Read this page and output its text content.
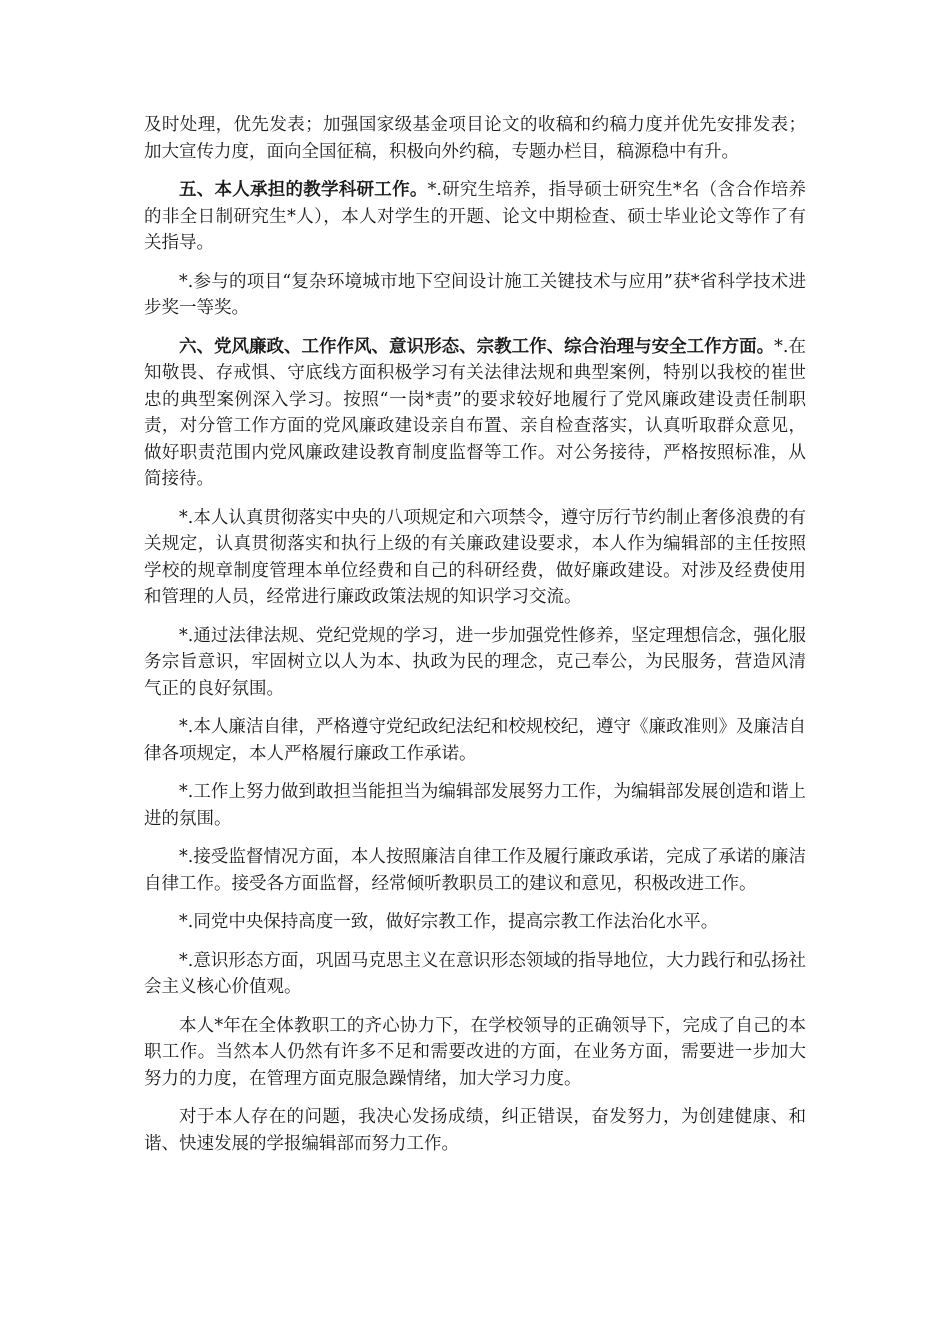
及时处理，优先发表；加强国家级基金项目论文的收稿和约稿力度并优先安排发表；加大宣传力度，面向全国征稿，积极向外约稿，专题办栏目，稿源稳中有升。

五、本人承担的教学科研工作。*.研究生培养，指导硕士研究生*名（含合作培养的非全日制研究生*人），本人对学生的开题、论文中期检查、硕士毕业论文等作了有关指导。

*.参与的项目“复杂环境城市地下空间设计施工关键技术与应用”获*省科学技术进步奖一等奖。

六、党风廉政、工作作风、意识形态、宗教工作、综合治理与安全工作方面。*.在知敬畏、存戒惧、守底线方面积极学习有关法律法规和典型案例，特别以我校的崔世忠的典型案例深入学习。按照“一岗*责”的要求较好地履行了党风廉政建设责任制职责，对分管工作方面的党风廉政建设亲自布置、亲自检查落实，认真听取群众意见，做好职责范围内党风廉政建设教育制度监督等工作。对公务接待，严格按照标准，从简接待。

*.本人认真贯彻落实中央的八项规定和六项禁令，遵守厉行节约制止奢侈浪费的有关规定，认真贯彻落实和执行上级的有关廉政建设要求，本人作为编辑部的主任按照学校的规章制度管理本单位经费和自己的科研经费，做好廉政建设。对涉及经费使用和管理的人员，经常进行廉政政策法规的知识学习交流。

*.通过法律法规、党纪党规的学习，进一步加强党性修养，坚定理想信念，强化服务宗旨意识，牢固树立以人为本、执政为民的理念，克己奉公，为民服务，营造风清气正的良好氛围。

*.本人廉洁自律，严格遵守党纪政纪法纪和校规校纪，遵守《廉政准则》及廉洁自律各项规定，本人严格履行廉政工作承诺。

*.工作上努力做到敢担当能担当为编辑部发展努力工作，为编辑部发展创造和谐上进的氛围。

*.接受监督情况方面，本人按照廉洁自律工作及履行廉政承诺，完成了承诺的廉洁自律工作。接受各方面监督，经常倾听教职员工的建议和意见，积极改进工作。

*.同党中央保持高度一致，做好宗教工作，提高宗教工作法治化水平。

*.意识形态方面，巩固马克思主义在意识形态领域的指导地位，大力践行和弘扬社会主义核心价值观。

本人*年在全体教职工的齐心协力下，在学校领导的正确领导下，完成了自己的本职工作。当然本人仍然有许多不足和需要改进的方面，在业务方面，需要进一步加大努力的力度，在管理方面克服急躁情绪，加大学习力度。

对于本人存在的问题，我决心发扬成绩，纠正错误，奋发努力，为创建健康、和谐、快速发展的学报编辑部而努力工作。
